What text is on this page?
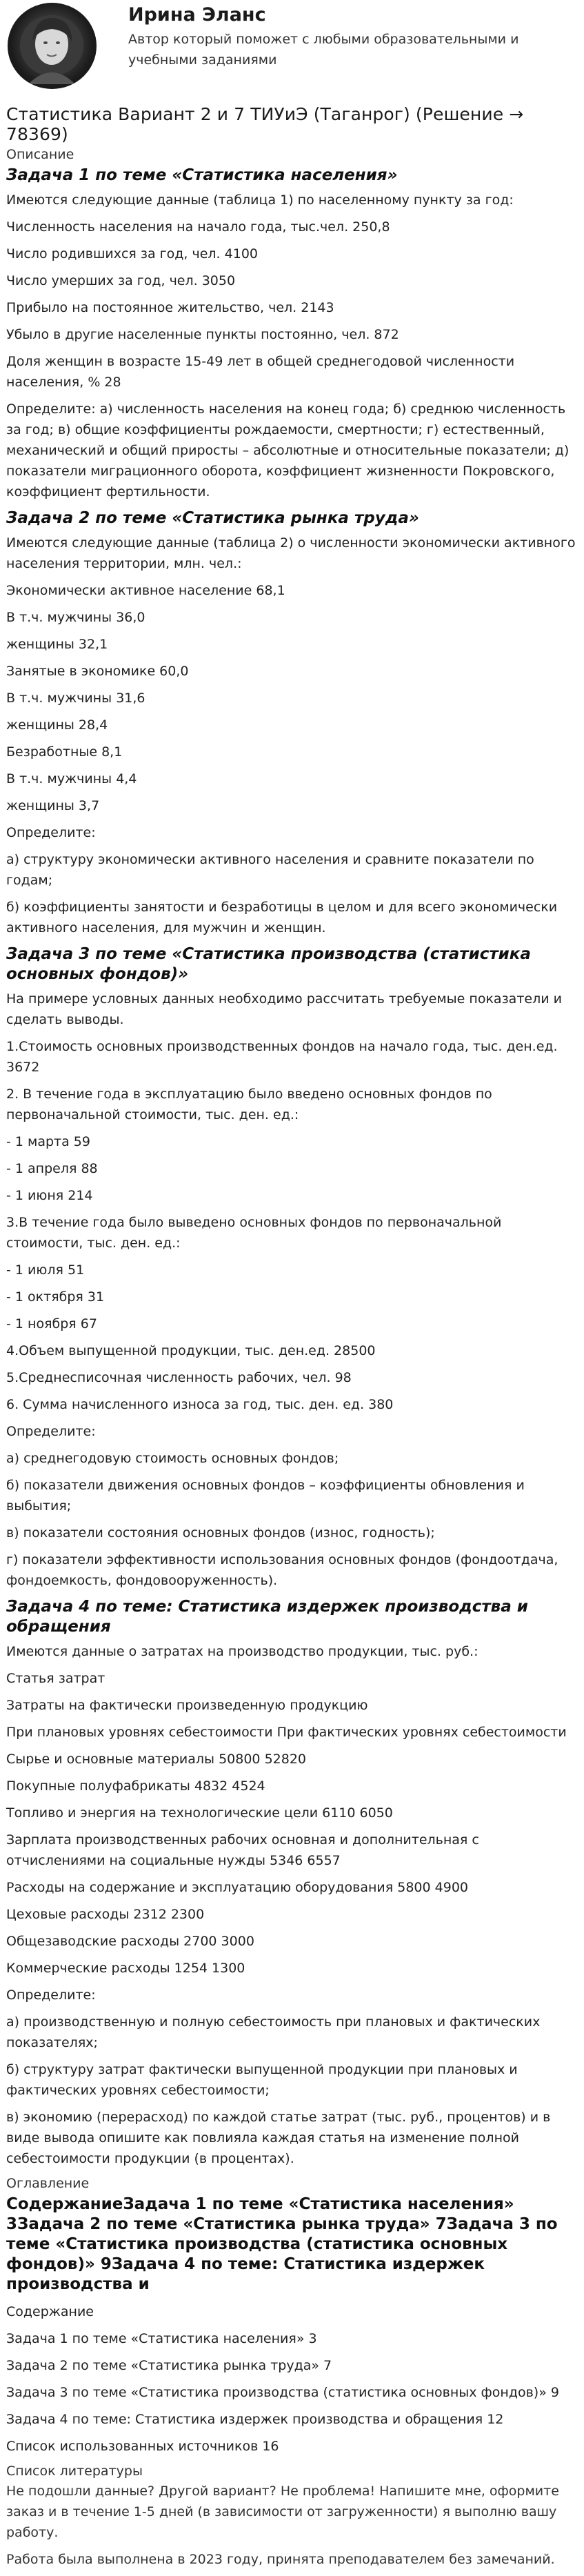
Ирина Эланс
Автор который поможет с любыми образовательными и учебными заданиями
Статистика Вариант 2 и 7 ТИУиЭ (Таганрог) (Решение → 78369)
Описание
Задача 1 по теме «Статистика населения»
Имеются следующие данные (таблица 1) по населенному пункту за год:
Численность населения на начало года, тыс.чел. 250,8
Число родившихся за год, чел. 4100
Число умерших за год, чел. 3050
Прибыло на постоянное жительство, чел. 2143
Убыло в другие населенные пункты постоянно, чел. 872
Доля женщин в возрасте 15-49 лет в общей среднегодовой численности населения, % 28
Определите: а) численность населения на конец года; б) среднюю численность за год; в) общие коэффициенты рождаемости, смертности; г) естественный, механический и общий приросты – абсолютные и относительные показатели; д) показатели миграционного оборота, коэффициент жизненности Покровского, коэффициент фертильности.
Задача 2 по теме «Статистика рынка труда»
Имеются следующие данные (таблица 2) о численности экономически активного населения территории, млн. чел.:
Экономически активное население 68,1
В т.ч. мужчины 36,0
женщины 32,1
Занятые в экономике 60,0
В т.ч. мужчины 31,6
женщины 28,4
Безработные 8,1
В т.ч. мужчины 4,4
женщины 3,7
Определите:
а) структуру экономически активного населения и сравните показатели по годам;
б) коэффициенты занятости и безработицы в целом и для всего экономически активного населения, для мужчин и женщин.
Задача 3 по теме «Статистика производства (статистика основных фондов)»
На примере условных данных необходимо рассчитать требуемые показатели и сделать выводы.
1.Стоимость основных производственных фондов на начало года, тыс. ден.ед. 3672
2. В течение года в эксплуатацию было введено основных фондов по первоначальной стоимости, тыс. ден. ед.:
- 1 марта 59
- 1 апреля 88
- 1 июня 214
3.В течение года было выведено основных фондов по первоначальной стоимости, тыс. ден. ед.:
- 1 июля 51
- 1 октября 31
- 1 ноября 67
4.Объем выпущенной продукции, тыс. ден.ед. 28500
5.Среднесписочная численность рабочих, чел. 98
6. Сумма начисленного износа за год, тыс. ден. ед. 380
Определите:
а) среднегодовую стоимость основных фондов;
б) показатели движения основных фондов – коэффициенты обновления и выбытия;
в) показатели состояния основных фондов (износ, годность);
г) показатели эффективности использования основных фондов (фондоотдача, фондоемкость, фондовооруженность).
Задача 4 по теме: Статистика издержек производства и обращения
Имеются данные о затратах на производство продукции, тыс. руб.:
Статья затрат
Затраты на фактически произведенную продукцию
При плановых уровнях себестоимости При фактических уровнях себестоимости
Сырье и основные материалы 50800 52820
Покупные полуфабрикаты 4832 4524
Топливо и энергия на технологические цели 6110 6050
Зарплата производственных рабочих основная и дополнительная с отчислениями на социальные нужды 5346 6557
Расходы на содержание и эксплуатацию оборудования 5800 4900
Цеховые расходы 2312 2300
Общезаводские расходы 2700 3000
Коммерческие расходы 1254 1300
Определите:
а) производственную и полную себестоимость при плановых и фактических показателях;
б) структуру затрат фактически выпущенной продукции при плановых и фактических уровнях себестоимости;
в) экономию (перерасход) по каждой статье затрат (тыс. руб., процентов) и в виде вывода опишите как повлияла каждая статья на изменение полной себестоимости продукции (в процентах).
Оглавление
СодержаниеЗадача 1 по теме «Статистика населения» 3Задача 2 по теме «Статистика рынка труда» 7Задача 3 по теме «Статистика производства (статистика основных фондов)» 9Задача 4 по теме: Статистика издержек производства и
Содержание
Задача 1 по теме «Статистика населения» 3
Задача 2 по теме «Статистика рынка труда» 7
Задача 3 по теме «Статистика производства (статистика основных фондов)» 9
Задача 4 по теме: Статистика издержек производства и обращения 12
Список использованных источников 16
Список литературы
Не подошли данные? Другой вариант? Не проблема! Напишите мне, оформите заказ и в течение 1-5 дней (в зависимости от загруженности) я выполню вашу работу.
Работа была выполнена в 2023 году, принята преподавателем без замечаний.
